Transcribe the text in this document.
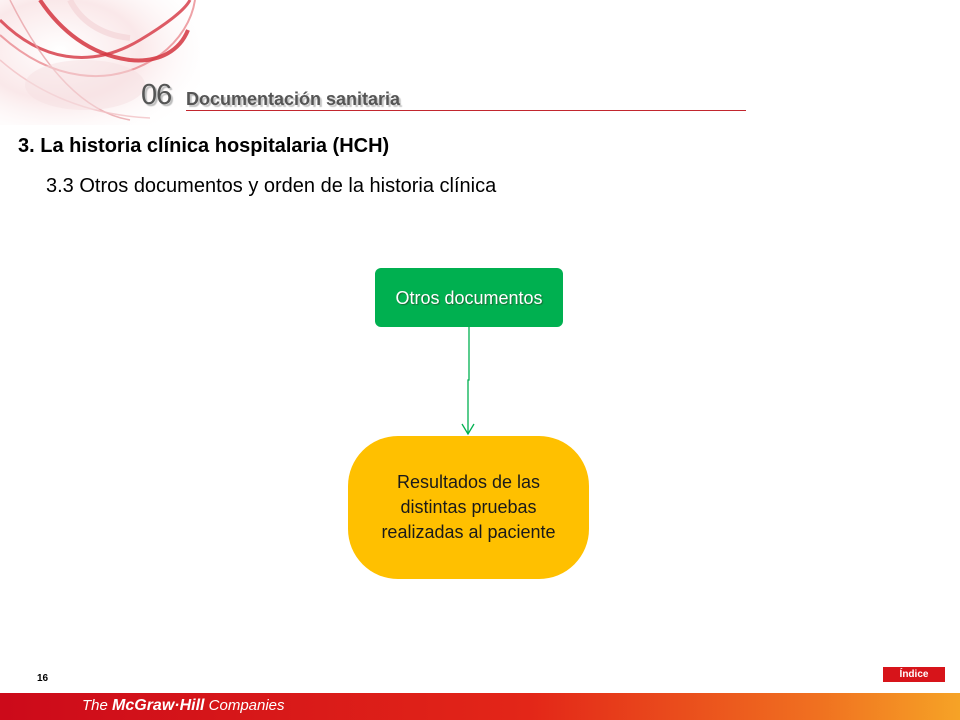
06 Documentación sanitaria
3. La historia clínica hospitalaria (HCH)
3.3 Otros documentos y orden de la historia clínica
Otros documentos
Resultados de las distintas pruebas realizadas al paciente
16	Índice
The McGraw·Hill Companies
